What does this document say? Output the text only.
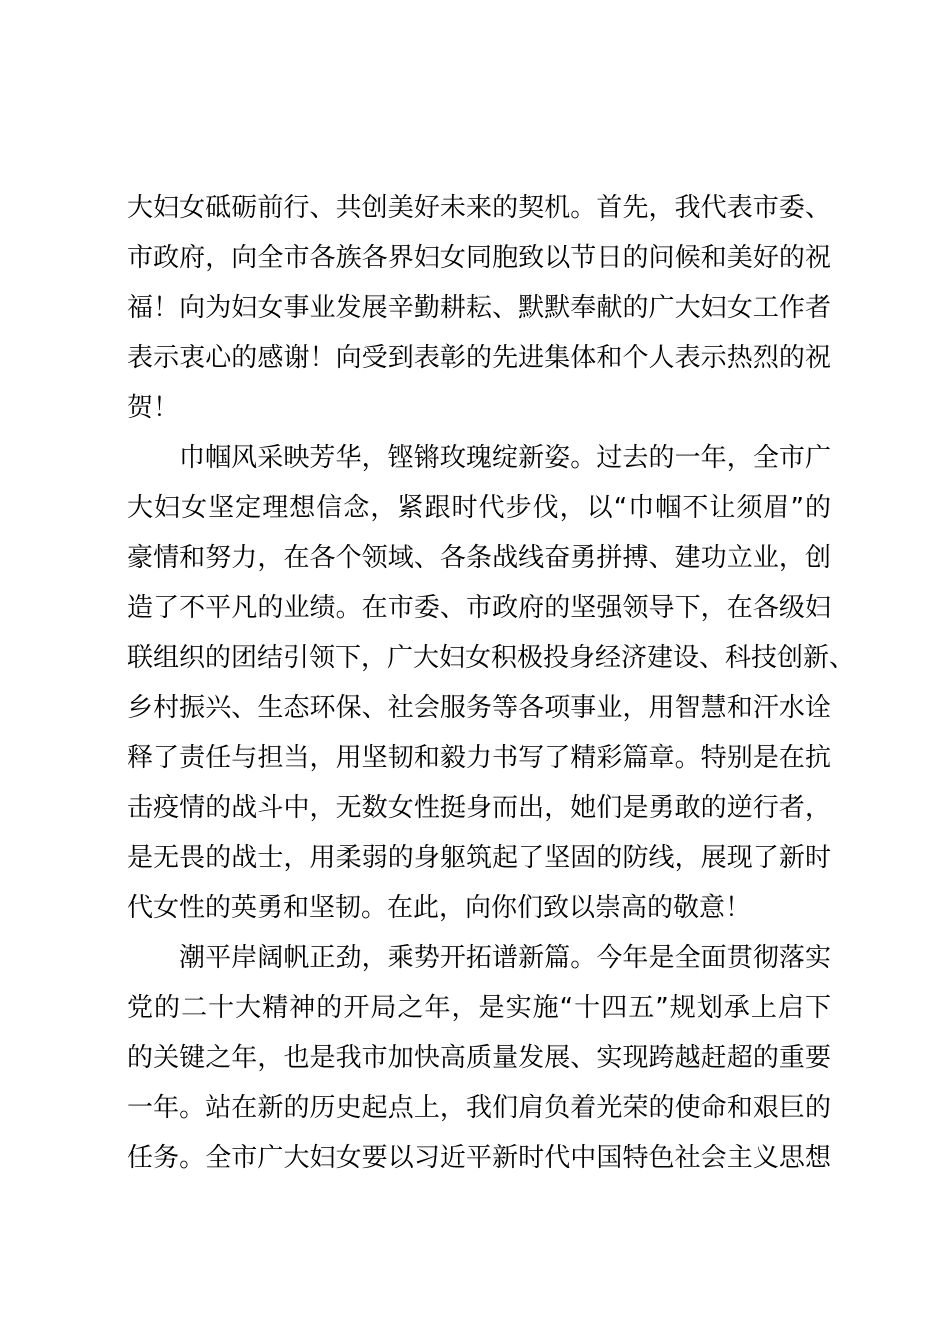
大妇女砥砺前行、共创美好未来的契机。首先，我代表市委、
市政府，向全市各族各界妇女同胞致以节日的问候和美好的祝
福！向为妇女事业发展辛勤耕耘、默默奉献的广大妇女工作者
表示衷心的感谢！向受到表彰的先进集体和个人表示热烈的祝
贺！
巾帼风采映芳华，铿锵玫瑰绽新姿。过去的一年，全市广
大妇女坚定理想信念，紧跟时代步伐，以“巾帼不让须眉”的
豪情和努力，在各个领域、各条战线奋勇拼搏、建功立业，创
造了不平凡的业绩。在市委、市政府的坚强领导下，在各级妇
联组织的团结引领下，广大妇女积极投身经济建设、科技创新、
乡村振兴、生态环保、社会服务等各项事业，用智慧和汗水诠
释了责任与担当，用坚韧和毅力书写了精彩篇章。特别是在抗
击疫情的战斗中，无数女性挺身而出，她们是勇敢的逆行者，
是无畏的战士，用柔弱的身躯筑起了坚固的防线，展现了新时
代女性的英勇和坚韧。在此，向你们致以崇高的敬意！
潮平岸阔帆正劲，乘势开拓谱新篇。今年是全面贯彻落实
党的二十大精神的开局之年，是实施“十四五”规划承上启下
的关键之年，也是我市加快高质量发展、实现跨越赶超的重要
一年。站在新的历史起点上，我们肩负着光荣的使命和艰巨的
任务。全市广大妇女要以习近平新时代中国特色社会主义思想
